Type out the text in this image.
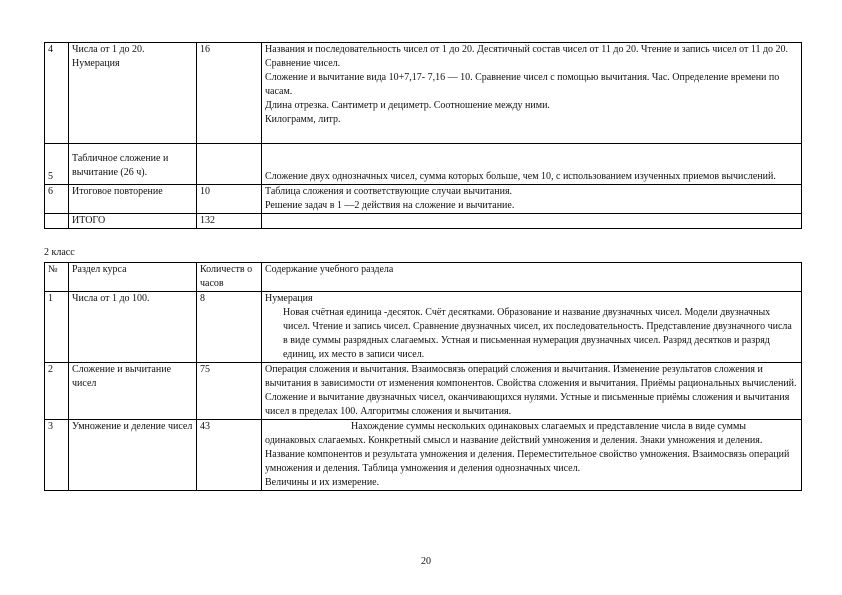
4	Числа от 1 до 20. Нумерация	16	Названия и последовательность чисел от 1 до 20. Десятичный состав чисел от 11 до 20. Чтение и запись чисел от 11 до 20. Сравнение чисел.
Сложение и вычитание вида 10+7,17- 7,16 — 10. Сравнение чисел с помощью вычитания. Час. Определение времени по часам.
Длина отрезка. Сантиметр и дециметр. Соотношение между ними.
Килограмм, литр.

5	Табличное сложение и вычитание (26 ч).		Сложение двух однозначных чисел, сумма которых больше, чем 10, с использованием изученных приемов вычислений.
6	Итоговое повторение	10	Таблица сложения и соответствующие случаи вычитания.
Решение задач в 1 —2 действия на сложение и вычитание.

	ИТОГО	132	
2 класс
№	Раздел курса	Количеств о часов	Содержание учебного раздела
1	Числа от 1 до 100.	8	Нумерация
Новая счётная единица -десяток. Счёт десятками. Образование и название двузначных чисел. Модели двузначных чисел. Чтение и запись чисел. Сравнение двузначных чисел, их последовательность. Представление двузначного числа в виде суммы разрядных слагаемых. Устная и письменная нумерация двузначных чисел. Разряд десятков и разряд единиц, их место в записи чисел.

2	Сложение и вычитание чисел	75	Операция сложения и вычитания. Взаимосвязь операций сложения и вычитания. Изменение результатов сложения и вычитания в зависимости от изменения компонентов. Свойства сложения и вычитания. Приёмы рациональных вычислений. Сложение и вычитание двузначных чисел, оканчивающихся нулями. Устные и письменные приёмы сложения и вычитания чисел в пределах 100. Алгоритмы сложения и вычитания.
3	Умножение и деление чисел	43	Нахождение суммы нескольких одинаковых слагаемых и представление числа в виде суммы одинаковых слагаемых. Конкретный смысл и название действий умножения и деления. Знаки умножения и деления. Название компонентов и результата умножения и деления. Переместительное свойство умножения. Взаимосвязь операций умножения и деления. Таблица умножения и деления однозначных чисел.
Величины и их измерение.
20
